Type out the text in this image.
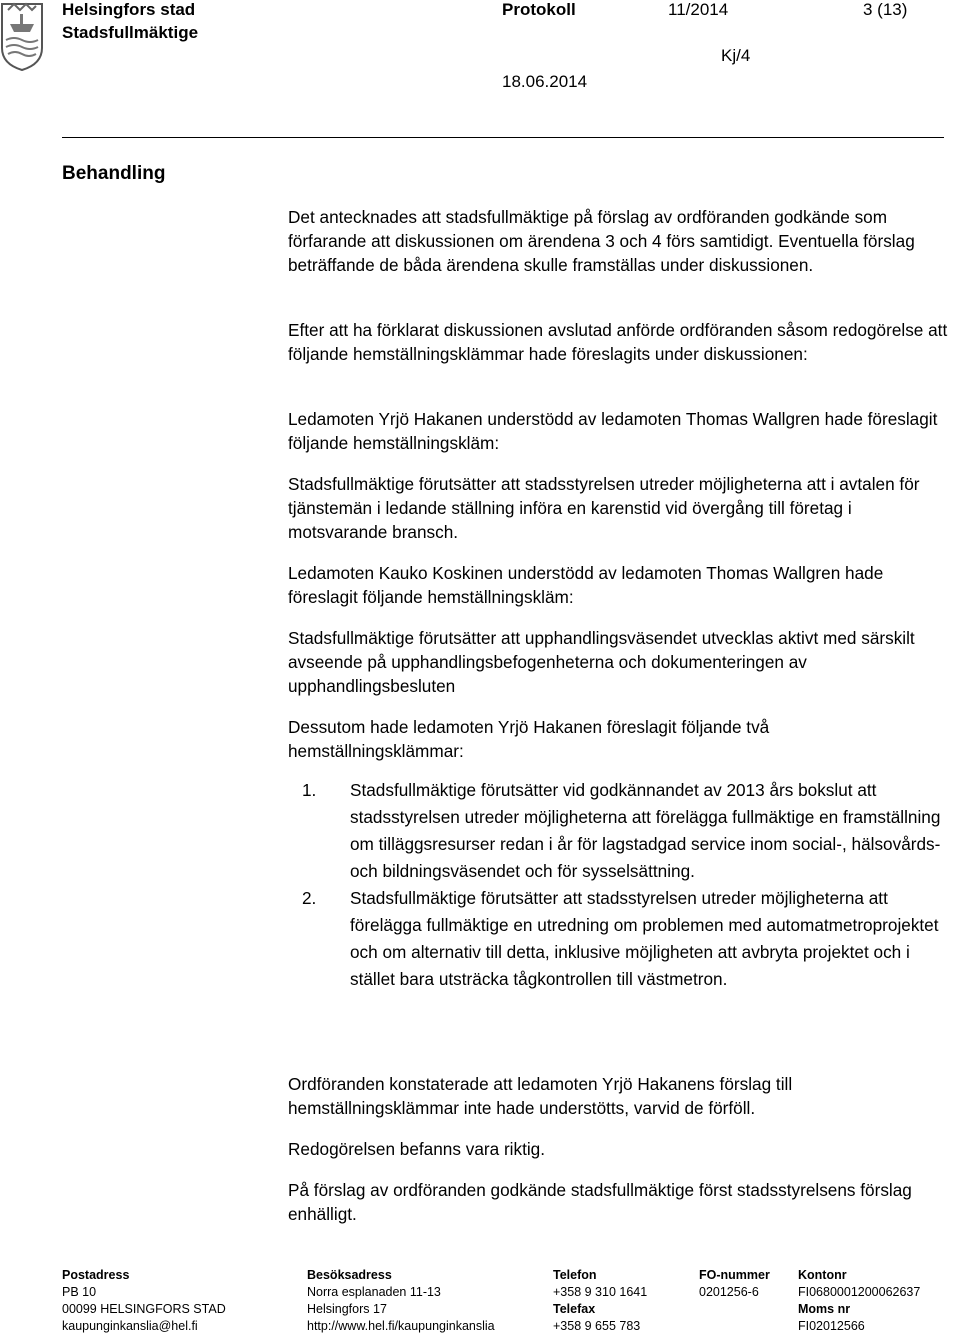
Helsingfors stad
Stadsfullmäktige
Protokoll	11/2014	3 (13)
Kj/4
18.06.2014
Behandling

Det antecknades att stadsfullmäktige på förslag av ordföranden godkände som förfarande att diskussionen om ärendena 3 och 4 förs samtidigt. Eventuella förslag beträffande de båda ärendena skulle framställas under diskussionen.

Efter att ha förklarat diskussionen avslutad anförde ordföranden såsom redogörelse att följande hemställningsklämmar hade föreslagits under diskussionen:

Ledamoten Yrjö Hakanen understödd av ledamoten Thomas Wallgren hade föreslagit följande hemställningskläm:

Stadsfullmäktige förutsätter att stadsstyrelsen utreder möjligheterna att i avtalen för tjänstemän i ledande ställning införa en karenstid vid övergång till företag i motsvarande bransch.

Ledamoten Kauko Koskinen understödd av ledamoten Thomas Wallgren hade föreslagit följande hemställningskläm:

Stadsfullmäktige förutsätter att upphandlingsväsendet utvecklas aktivt med särskilt avseende på upphandlingsbefogenheterna och dokumenteringen av upphandlingsbesluten

Dessutom hade ledamoten Yrjö Hakanen föreslagit följande två hemställningsklämmar:

1. Stadsfullmäktige förutsätter vid godkännandet av 2013 års bokslut att stadsstyrelsen utreder möjligheterna att förelägga fullmäktige en framställning om tilläggsresurser redan i år för lagstadgad service inom social-, hälsovårds- och bildningsväsendet och för sysselsättning.
2. Stadsfullmäktige förutsätter att stadsstyrelsen utreder möjligheterna att förelägga fullmäktige en utredning om problemen med automatmetroprojektet och om alternativ till detta, inklusive möjligheten att avbryta projektet och i stället bara utsträcka tågkontrollen till västmetron.

Ordföranden konstaterade att ledamoten Yrjö Hakanens förslag till hemställningsklämmar inte hade understötts, varvid de förföll.

Redogörelsen befanns vara riktig.

På förslag av ordföranden godkände stadsfullmäktige först stadsstyrelsens förslag enhälligt.

Postadress
PB 10
00099 HELSINGFORS STAD
kaupunginkanslia@hel.fi
Besöksadress
Norra esplanaden 11-13
Helsingfors 17
http://www.hel.fi/kaupunginkanslia
Telefon
+358 9 310 1641
Telefax
+358 9 655 783
FO-nummer
0201256-6
Kontonr
FI0680001200062637
Moms nr
FI02012566
